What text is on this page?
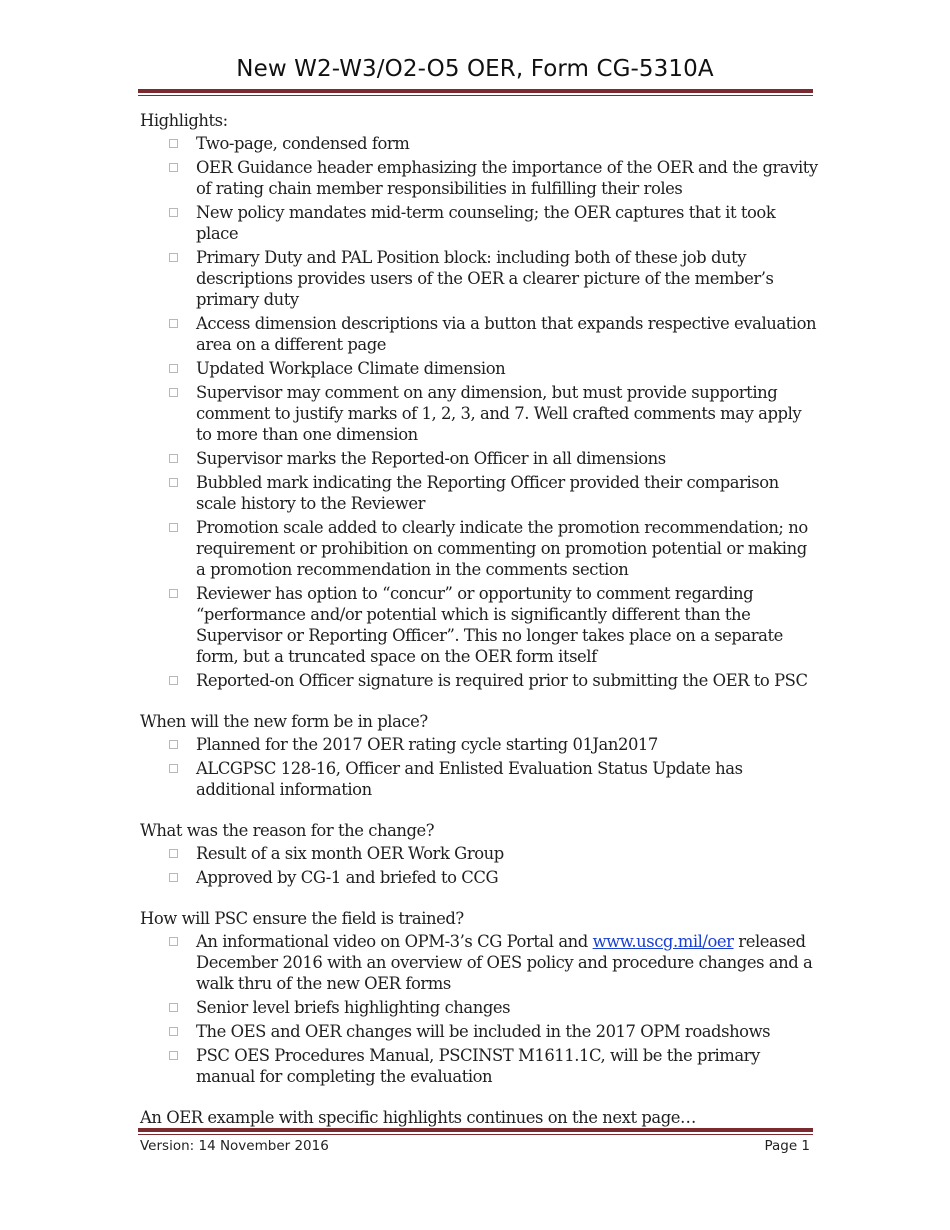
New W2-W3/O2-O5 OER, Form CG-5310A

Highlights:

Two-page, condensed form
OER Guidance header emphasizing the importance of the OER and the gravity of rating chain member responsibilities in fulfilling their roles
New policy mandates mid-term counseling; the OER captures that it took place
Primary Duty and PAL Position block: including both of these job duty descriptions provides users of the OER a clearer picture of the member’s primary duty
Access dimension descriptions via a button that expands respective evaluation area on a different page
Updated Workplace Climate dimension
Supervisor may comment on any dimension, but must provide supporting comment to justify marks of 1, 2, 3, and 7. Well crafted comments may apply to more than one dimension
Supervisor marks the Reported-on Officer in all dimensions
Bubbled mark indicating the Reporting Officer provided their comparison scale history to the Reviewer
Promotion scale added to clearly indicate the promotion recommendation; no requirement or prohibition on commenting on promotion potential or making a promotion recommendation in the comments section
Reviewer has option to “concur” or opportunity to comment regarding “performance and/or potential which is significantly different than the Supervisor or Reporting Officer”. This no longer takes place on a separate form, but a truncated space on the OER form itself
Reported-on Officer signature is required prior to submitting the OER to PSC

When will the new form be in place?

Planned for the 2017 OER rating cycle starting 01Jan2017
ALCGPSC 128-16, Officer and Enlisted Evaluation Status Update has additional information

What was the reason for the change?

Result of a six month OER Work Group
Approved by CG-1 and briefed to CCG

How will PSC ensure the field is trained?

An informational video on OPM-3’s CG Portal and www.uscg.mil/oer released December 2016 with an overview of OES policy and procedure changes and a walk thru of the new OER forms
Senior level briefs highlighting changes
The OES and OER changes will be included in the 2017 OPM roadshows
PSC OES Procedures Manual, PSCINST M1611.1C, will be the primary manual for completing the evaluation

An OER example with specific highlights continues on the next page…

Version: 14 November 2016	Page 1
